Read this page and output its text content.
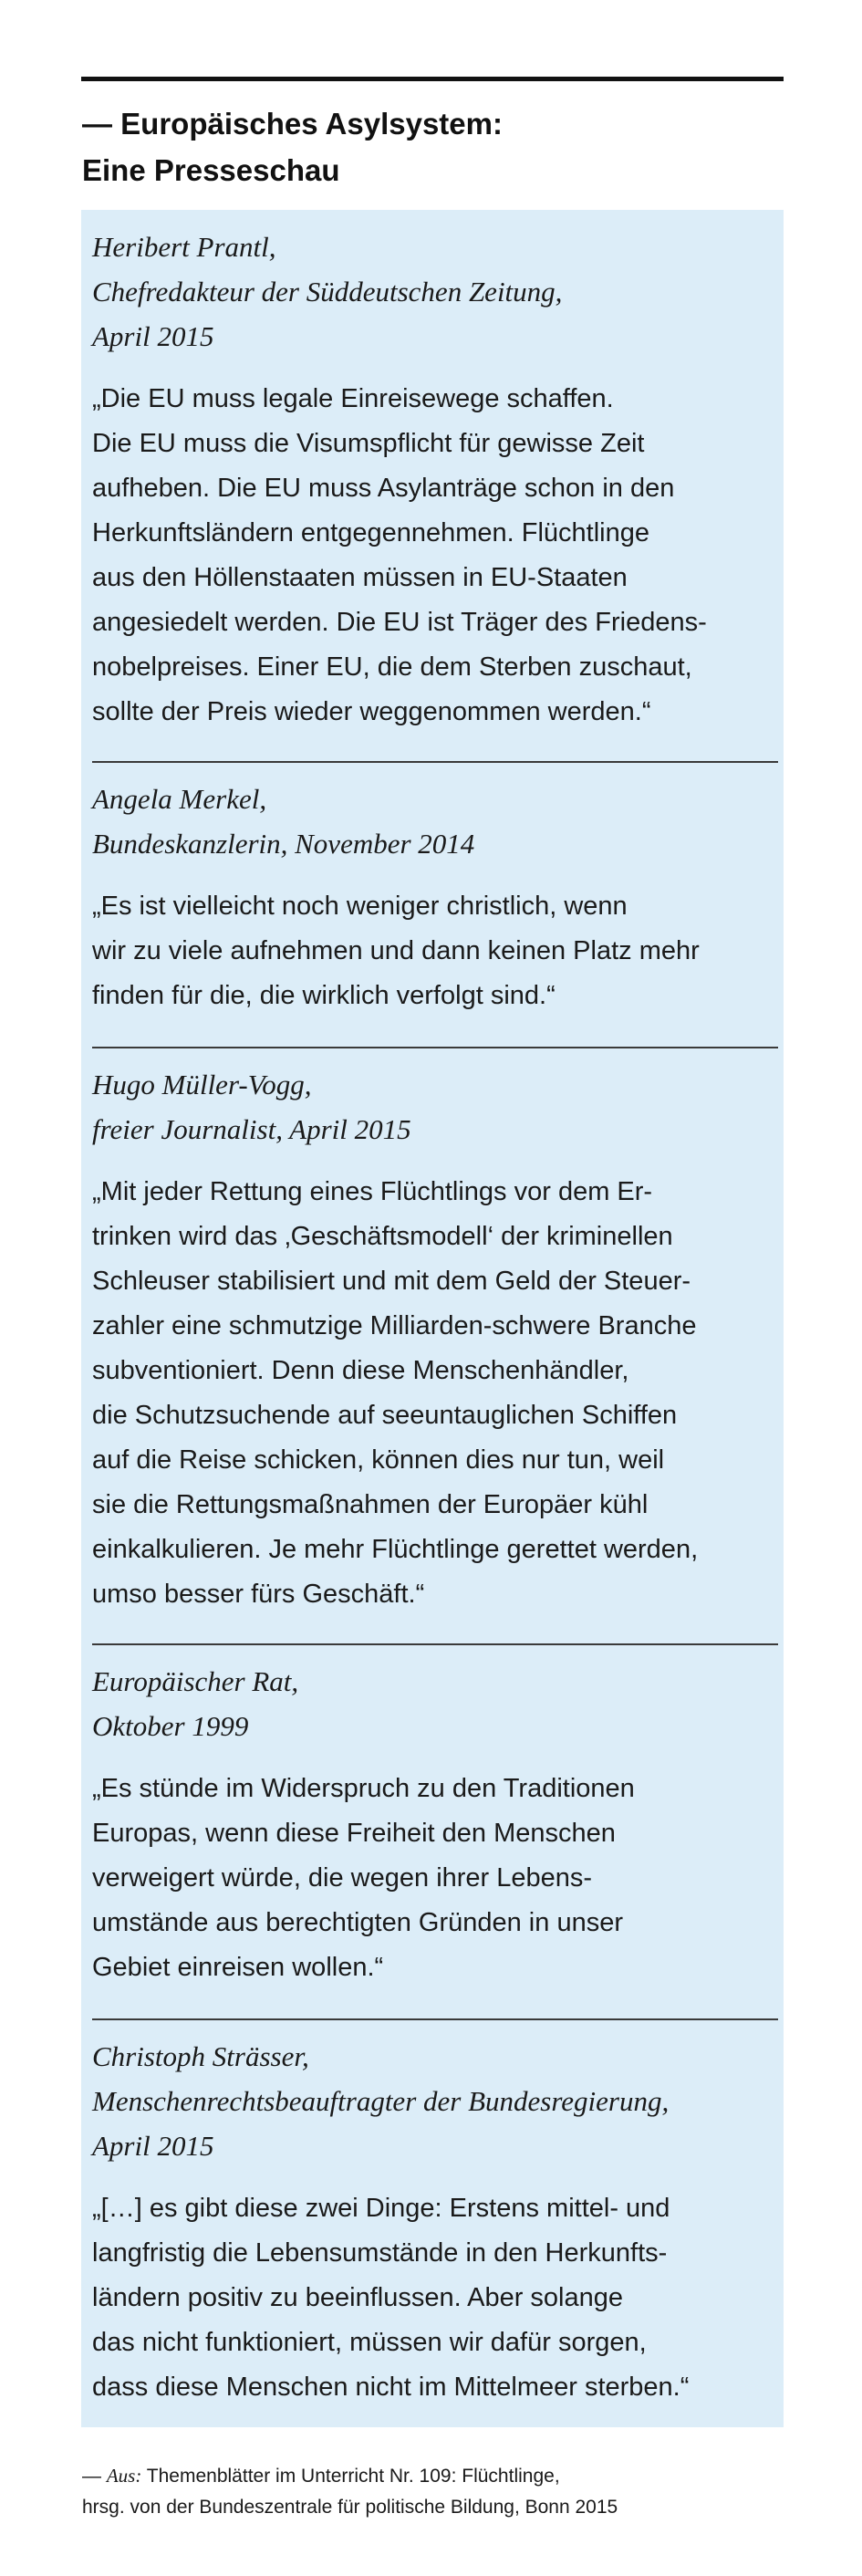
— Europäisches Asylsystem:
Eine Presseschau
Heribert Prantl,
Chefredakteur der Süddeutschen Zeitung,
April 2015
„Die EU muss legale Einreisewege schaffen.
Die EU muss die Visumspflicht für gewisse Zeit
aufheben. Die EU muss Asylanträge schon in den
Herkunftsländern entgegennehmen. Flüchtlinge
aus den Höllenstaaten müssen in EU-Staaten
angesiedelt werden. Die EU ist Träger des Friedens-
nobelpreises. Einer EU, die dem Sterben zuschaut,
sollte der Preis wieder weggenommen werden.“
Angela Merkel,
Bundeskanzlerin, November 2014
„Es ist vielleicht noch weniger christlich, wenn
wir zu viele aufnehmen und dann keinen Platz mehr
finden für die, die wirklich verfolgt sind.“
Hugo Müller-Vogg,
freier Journalist, April 2015
„Mit jeder Rettung eines Flüchtlings vor dem Er-
trinken wird das ‚Geschäftsmodell‘ der kriminellen
Schleuser stabilisiert und mit dem Geld der Steuer-
zahler eine schmutzige Milliarden-schwere Branche
subventioniert. Denn diese Menschenhändler,
die Schutzsuchende auf seeuntauglichen Schiffen
auf die Reise schicken, können dies nur tun, weil
sie die Rettungsmaßnahmen der Europäer kühl
einkalkulieren. Je mehr Flüchtlinge gerettet werden,
umso besser fürs Geschäft.“
Europäischer Rat,
Oktober 1999
„Es stünde im Widerspruch zu den Traditionen
Europas, wenn diese Freiheit den Menschen
verweigert würde, die wegen ihrer Lebens-
umstände aus berechtigten Gründen in unser
Gebiet einreisen wollen.“
Christoph Strässer,
Menschenrechtsbeauftragter der Bundesregierung,
April 2015
„[…] es gibt diese zwei Dinge: Erstens mittel- und
langfristig die Lebensumstände in den Herkunfts-
ländern positiv zu beeinflussen. Aber solange
das nicht funktioniert, müssen wir dafür sorgen,
dass diese Menschen nicht im Mittelmeer sterben.“
— Aus: Themenblätter im Unterricht Nr. 109: Flüchtlinge,
hrsg. von der Bundeszentrale für politische Bildung, Bonn 2015
